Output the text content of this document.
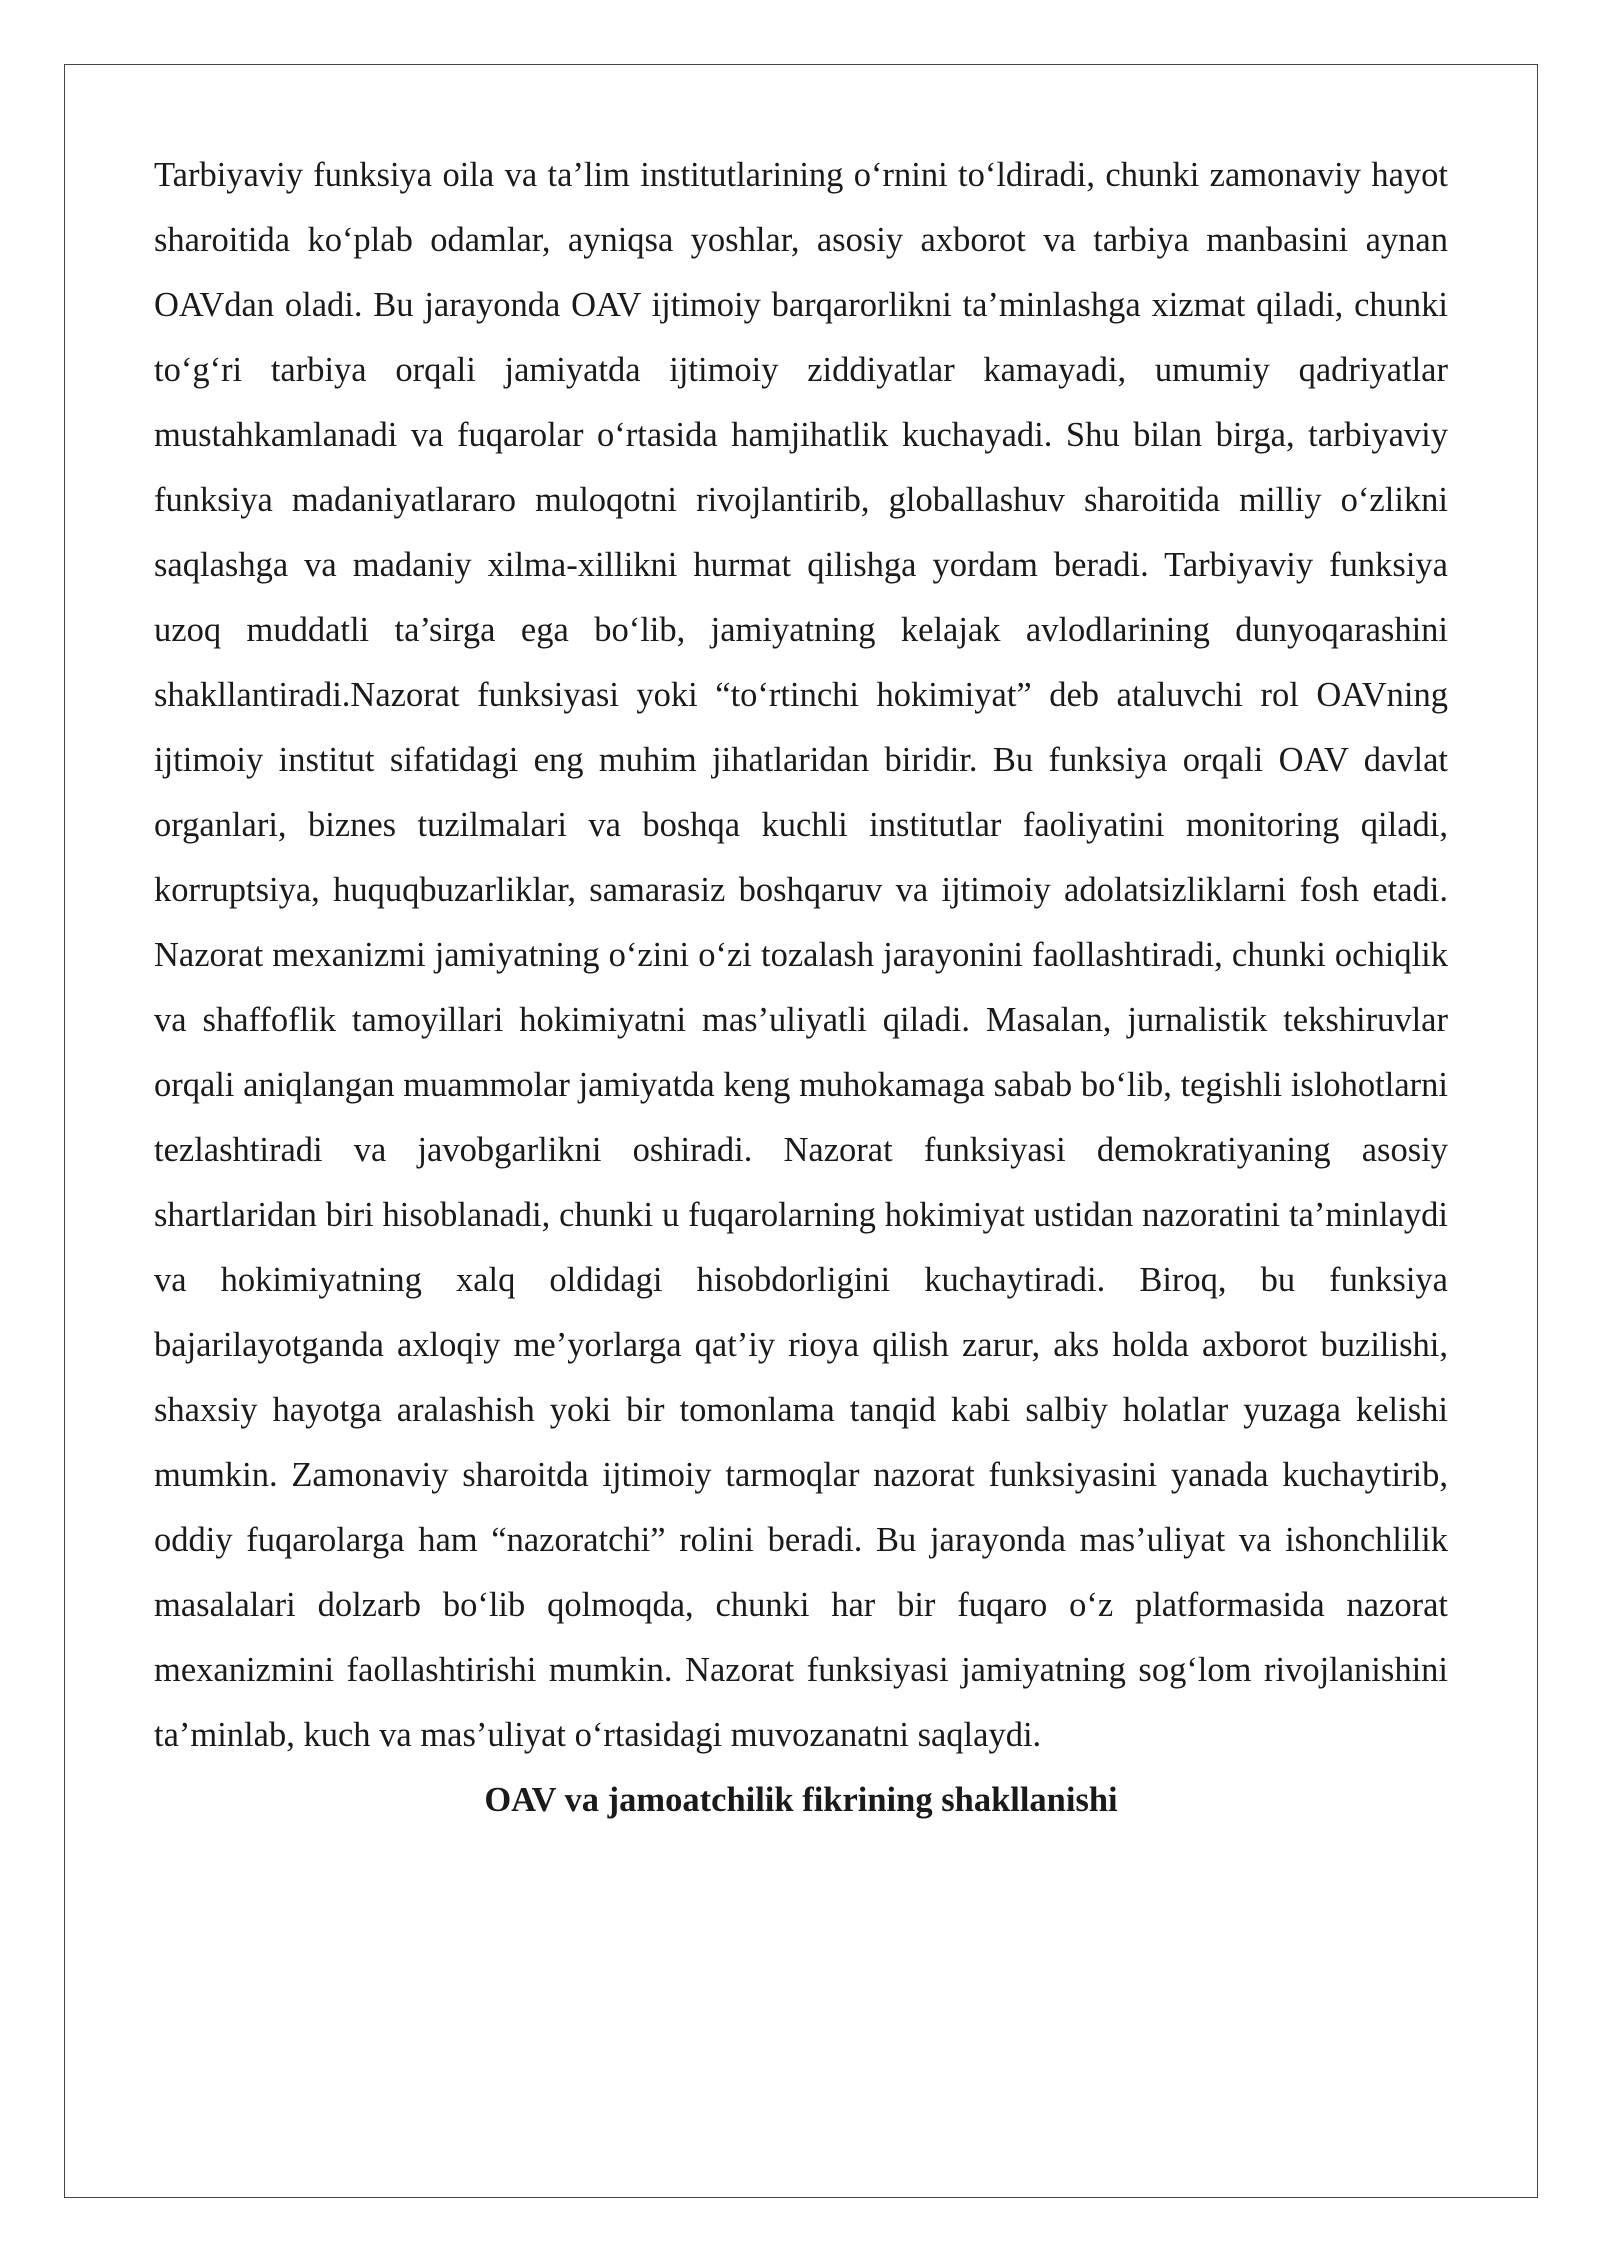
Tarbiyaviy funksiya oila va ta’lim institutlarining o‘rnini to‘ldiradi, chunki zamonaviy hayot sharoitida ko‘plab odamlar, ayniqsa yoshlar, asosiy axborot va tarbiya manbasini aynan OAVdan oladi. Bu jarayonda OAV ijtimoiy barqarorlikni ta’minlashga xizmat qiladi, chunki to‘g‘ri tarbiya orqali jamiyatda ijtimoiy ziddiyatlar kamayadi, umumiy qadriyatlar mustahkamlanadi va fuqarolar o‘rtasida hamjihatlik kuchayadi. Shu bilan birga, tarbiyaviy funksiya madaniyatlararo muloqotni rivojlantirib, globallashuv sharoitida milliy o‘zlikni saqlashga va madaniy xilma-xillikni hurmat qilishga yordam beradi. Tarbiyaviy funksiya uzoq muddatli ta’sirga ega bo‘lib, jamiyatning kelajak avlodlarining dunyoqarashini shakllantiradi.Nazorat funksiyasi yoki “to‘rtinchi hokimiyat” deb ataluvchi rol OAVning ijtimoiy institut sifatidagi eng muhim jihatlaridan biridir. Bu funksiya orqali OAV davlat organlari, biznes tuzilmalari va boshqa kuchli institutlar faoliyatini monitoring qiladi, korruptsiya, huquqbuzarliklar, samarasiz boshqaruv va ijtimoiy adolatsizliklarni fosh etadi. Nazorat mexanizmi jamiyatning o‘zini o‘zi tozalash jarayonini faollashtiradi, chunki ochiqlik va shaffoflik tamoyillari hokimiyatni mas’uliyatli qiladi. Masalan, jurnalistik tekshiruvlar orqali aniqlangan muammolar jamiyatda keng muhokamaga sabab bo‘lib, tegishli islohotlarni tezlashtiradi va javobgarlikni oshiradi. Nazorat funksiyasi demokratiyaning asosiy shartlaridan biri hisoblanadi, chunki u fuqarolarning hokimiyat ustidan nazoratini ta’minlaydi va hokimiyatning xalq oldidagi hisobdorligini kuchaytiradi. Biroq, bu funksiya bajarilayotganda axloqiy me’yorlarga qat’iy rioya qilish zarur, aks holda axborot buzilishi, shaxsiy hayotga aralashish yoki bir tomonlama tanqid kabi salbiy holatlar yuzaga kelishi mumkin. Zamonaviy sharoitda ijtimoiy tarmoqlar nazorat funksiyasini yanada kuchaytirib, oddiy fuqarolarga ham “nazoratchi” rolini beradi. Bu jarayonda mas’uliyat va ishonchlilik masalalari dolzarb bo‘lib qolmoqda, chunki har bir fuqaro o‘z platformasida nazorat mexanizmini faollashtirishi mumkin. Nazorat funksiyasi jamiyatning sog‘lom rivojlanishini ta’minlab, kuch va mas’uliyat o‘rtasidagi muvozanatni saqlaydi.

OAV va jamoatchilik fikrining shakllanishi
